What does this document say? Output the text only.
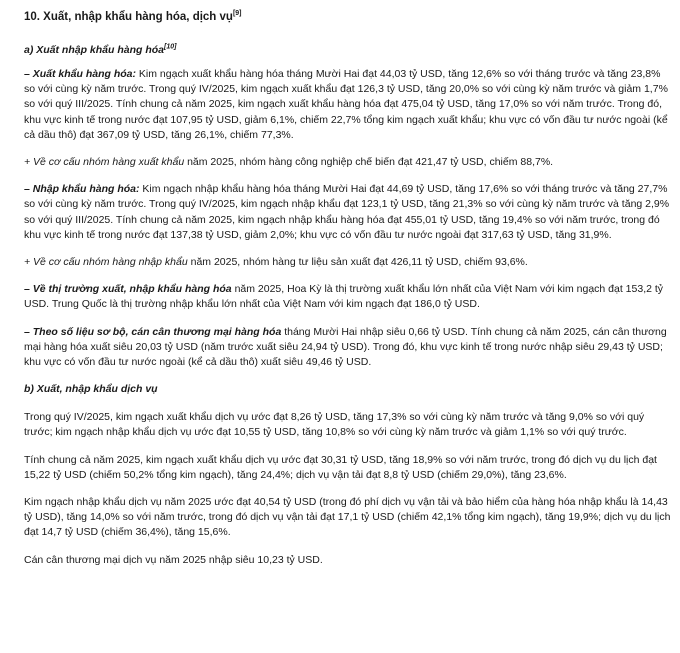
10. Xuất, nhập khẩu hàng hóa, dịch vụ[9]
a) Xuất nhập khẩu hàng hóa[10]

– Xuất khẩu hàng hóa: Kim ngạch xuất khẩu hàng hóa tháng Mười Hai đạt 44,03 tỷ USD, tăng 12,6% so với tháng trước và tăng 23,8% so với cùng kỳ năm trước. Trong quý IV/2025, kim ngạch xuất khẩu đạt 126,3 tỷ USD, tăng 20,0% so với cùng kỳ năm trước và giảm 1,7% so với quý III/2025. Tính chung cả năm 2025, kim ngạch xuất khẩu hàng hóa đạt 475,04 tỷ USD, tăng 17,0% so với năm trước. Trong đó, khu vực kinh tế trong nước đạt 107,95 tỷ USD, giảm 6,1%, chiếm 22,7% tổng kim ngạch xuất khẩu; khu vực có vốn đầu tư nước ngoài (kể cả dầu thô) đạt 367,09 tỷ USD, tăng 26,1%, chiếm 77,3%.

+ Về cơ cấu nhóm hàng xuất khẩu năm 2025, nhóm hàng công nghiệp chế biến đạt 421,47 tỷ USD, chiếm 88,7%.

– Nhập khẩu hàng hóa: Kim ngạch nhập khẩu hàng hóa tháng Mười Hai đạt 44,69 tỷ USD, tăng 17,6% so với tháng trước và tăng 27,7% so với cùng kỳ năm trước. Trong quý IV/2025, kim ngạch nhập khẩu đạt 123,1 tỷ USD, tăng 21,3% so với cùng kỳ năm trước và tăng 2,9% so với quý III/2025. Tính chung cả năm 2025, kim ngạch nhập khẩu hàng hóa đạt 455,01 tỷ USD, tăng 19,4% so với năm trước, trong đó khu vực kinh tế trong nước đạt 137,38 tỷ USD, giảm 2,0%; khu vực có vốn đầu tư nước ngoài đạt 317,63 tỷ USD, tăng 31,9%.

+ Về cơ cấu nhóm hàng nhập khẩu năm 2025, nhóm hàng tư liệu sản xuất đạt 426,11 tỷ USD, chiếm 93,6%.

– Về thị trường xuất, nhập khẩu hàng hóa năm 2025, Hoa Kỳ là thị trường xuất khẩu lớn nhất của Việt Nam với kim ngạch đạt 153,2 tỷ USD. Trung Quốc là thị trường nhập khẩu lớn nhất của Việt Nam với kim ngạch đạt 186,0 tỷ USD.

– Theo số liệu sơ bộ, cán cân thương mại hàng hóa tháng Mười Hai nhập siêu 0,66 tỷ USD. Tính chung cả năm 2025, cán cân thương mại hàng hóa xuất siêu 20,03 tỷ USD (năm trước xuất siêu 24,94 tỷ USD). Trong đó, khu vực kinh tế trong nước nhập siêu 29,43 tỷ USD; khu vực có vốn đầu tư nước ngoài (kể cả dầu thô) xuất siêu 49,46 tỷ USD.

b) Xuất, nhập khẩu dịch vụ

Trong quý IV/2025, kim ngạch xuất khẩu dịch vụ ước đạt 8,26 tỷ USD, tăng 17,3% so với cùng kỳ năm trước và tăng 9,0% so với quý trước; kim ngạch nhập khẩu dịch vụ ước đạt 10,55 tỷ USD, tăng 10,8% so với cùng kỳ năm trước và giảm 1,1% so với quý trước.

Tính chung cả năm 2025, kim ngạch xuất khẩu dịch vụ ước đạt 30,31 tỷ USD, tăng 18,9% so với năm trước, trong đó dịch vụ du lịch đạt 15,22 tỷ USD (chiếm 50,2% tổng kim ngạch), tăng 24,4%; dịch vụ vận tải đạt 8,8 tỷ USD (chiếm 29,0%), tăng 23,6%.

Kim ngạch nhập khẩu dịch vụ năm 2025 ước đạt 40,54 tỷ USD (trong đó phí dịch vụ vận tải và bảo hiểm của hàng hóa nhập khẩu là 14,43 tỷ USD), tăng 14,0% so với năm trước, trong đó dịch vụ vận tải đạt 17,1 tỷ USD (chiếm 42,1% tổng kim ngạch), tăng 19,9%; dịch vụ du lịch đạt 14,7 tỷ USD (chiếm 36,4%), tăng 15,6%.

Cán cân thương mại dịch vụ năm 2025 nhập siêu 10,23 tỷ USD.
